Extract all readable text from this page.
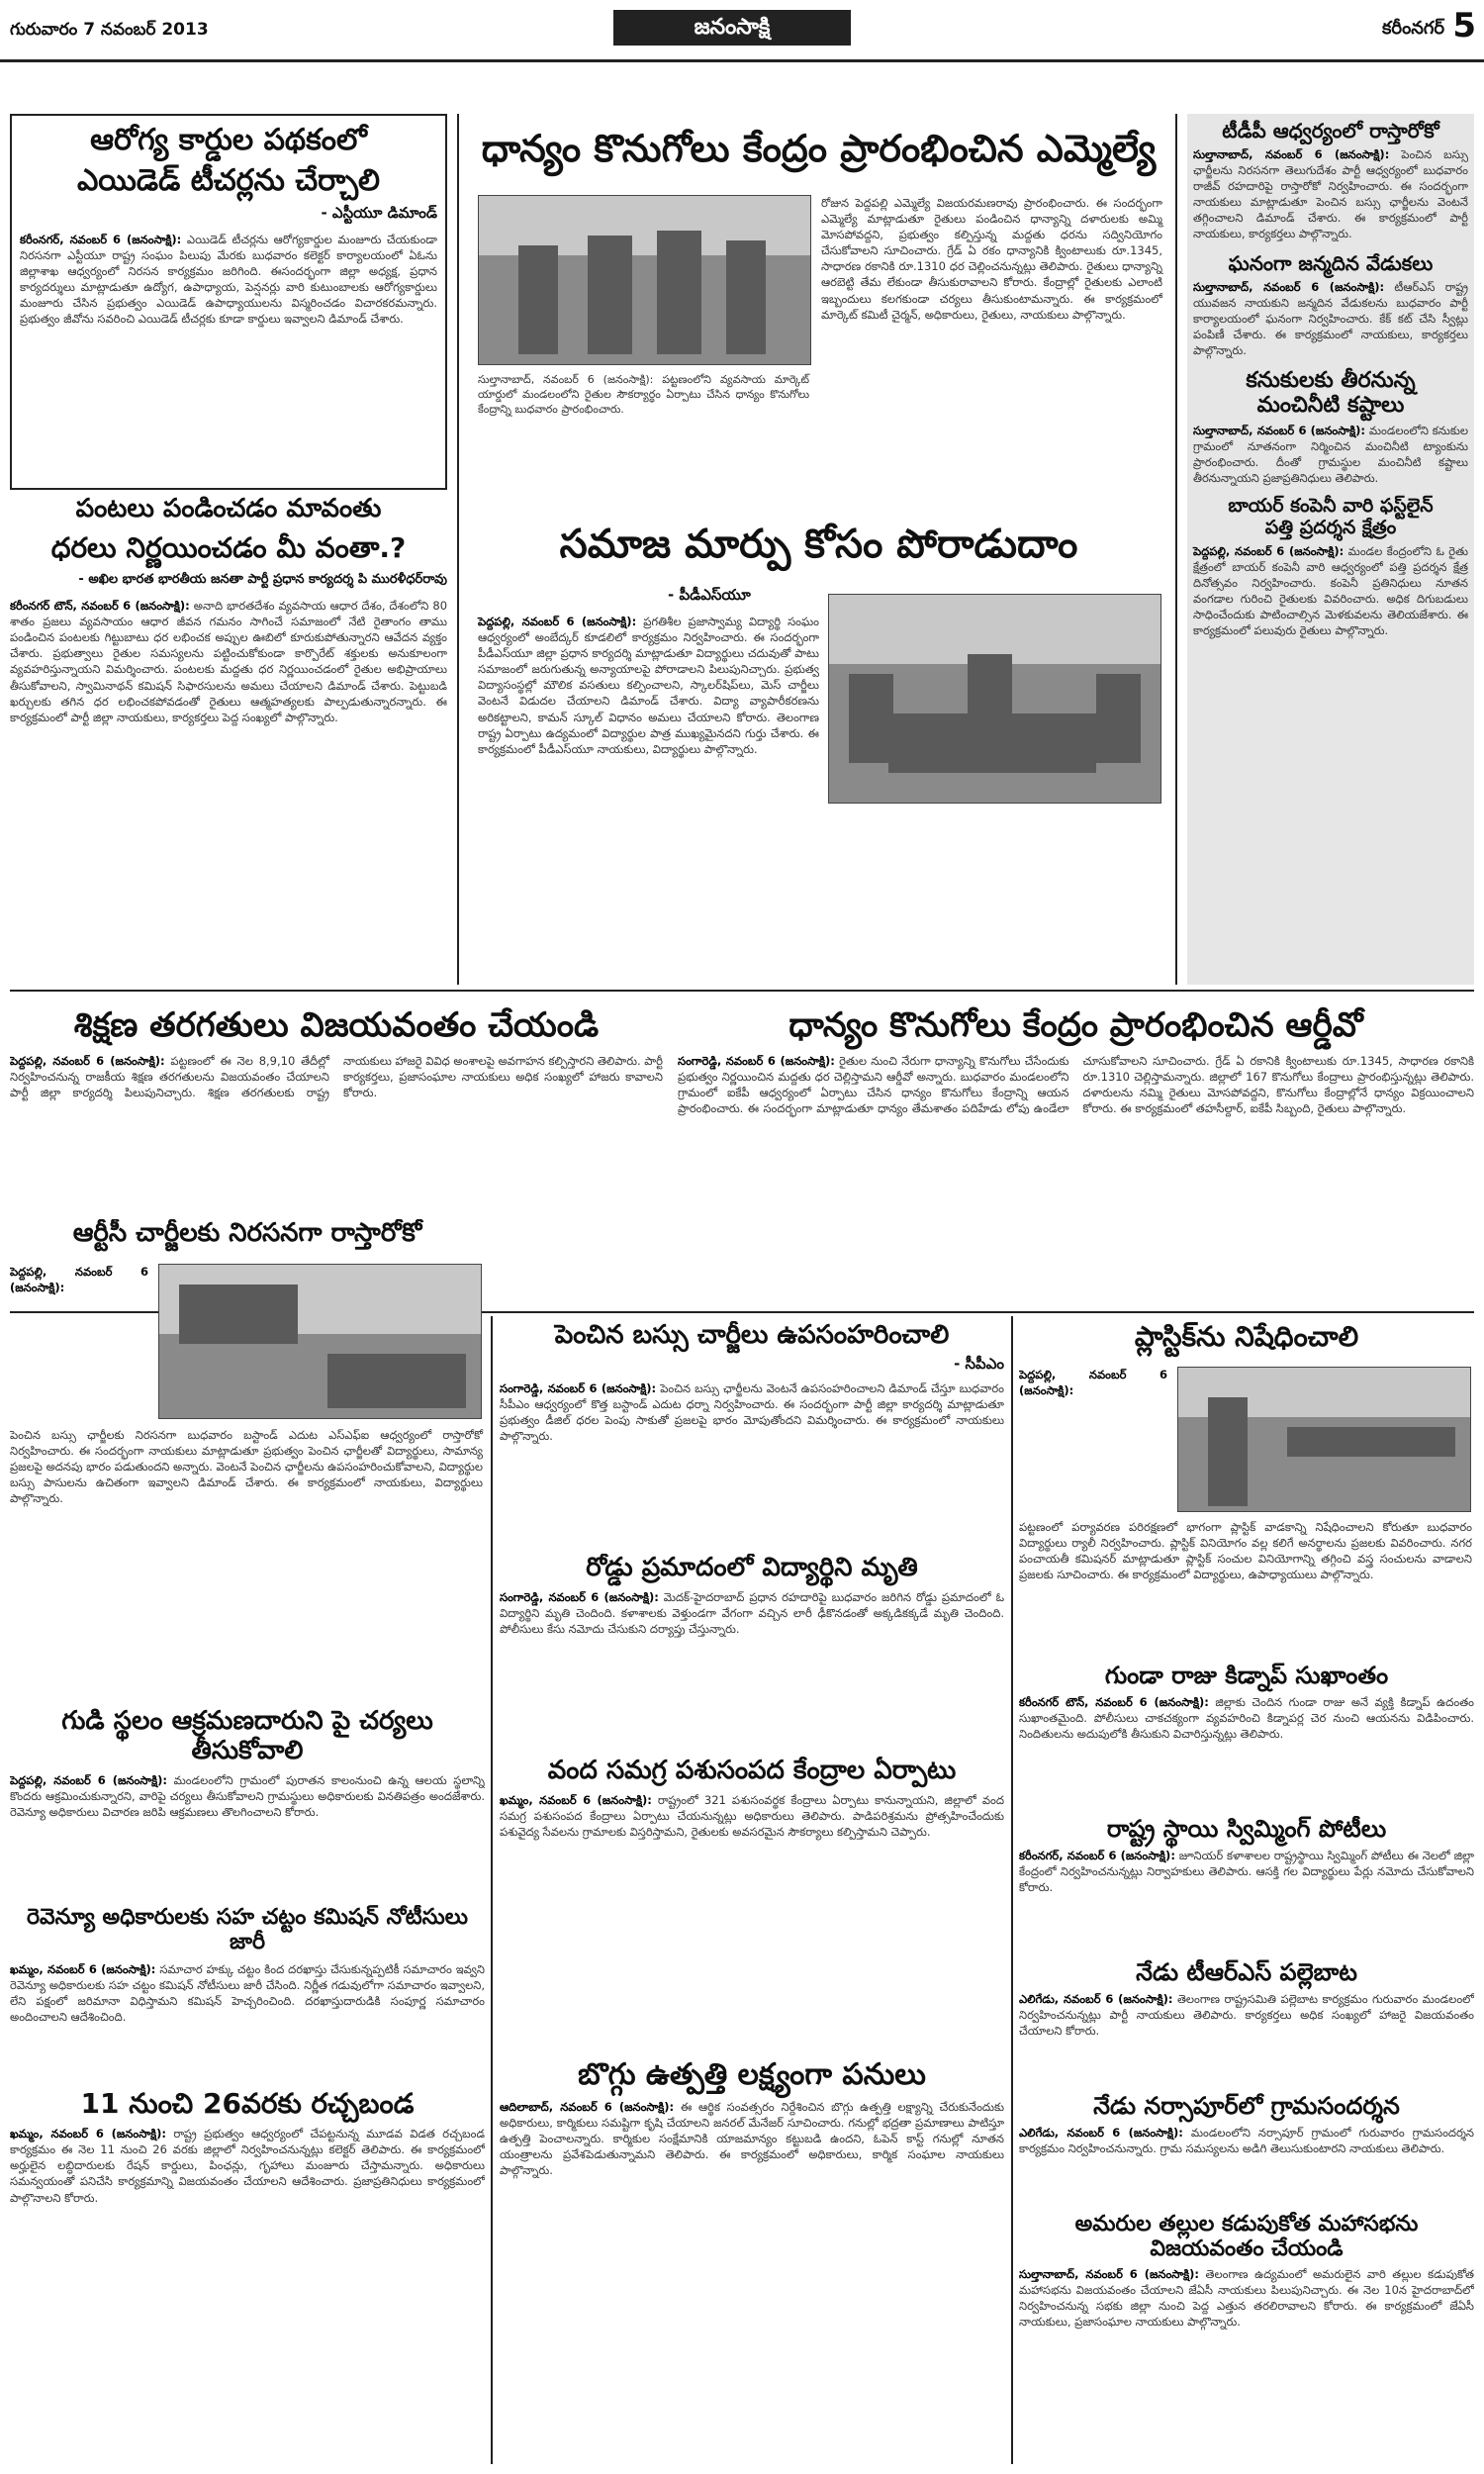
గురువారం 7 నవంబర్ 2013	జనంసాక్షి	కరీంనగర్ 5
ఆరోగ్య కార్డుల పథకంలో
ఎయిడెడ్ టీచర్లను చేర్చాలి
- ఎస్టీయూ డిమాండ్
కరీంనగర్, నవంబర్ 6 (జనంసాక్షి): ఎయిడెడ్ టీచర్లను ఆరోగ్యకార్డుల మంజూరు చేయకుండా నిరసనగా ఎస్టీయూ రాష్ట్ర సంఘం పిలుపు మేరకు బుధవారం కలెక్టర్ కార్యాలయంలో ఏఓను జిల్లాశాఖ ఆధ్వర్యంలో నిరసన కార్యక్రమం జరిగింది. ఈసందర్భంగా జిల్లా అధ్యక్ష, ప్రధాన కార్యదర్శులు మాట్లాడుతూ ఉద్యోగ, ఉపాధ్యాయ, పెన్షనర్లు వారి కుటుంబాలకు ఆరోగ్యకార్డులు మంజూరు చేసిన ప్రభుత్వం ఎయిడెడ్ ఉపాధ్యాయులను విస్మరించడం విచారకరమన్నారు. ప్రభుత్వం జీవోను సవరించి ఎయిడెడ్ టీచర్లకు కూడా కార్డులు ఇవ్వాలని డిమాండ్ చేశారు.
పంటలు పండించడం మావంతు
ధరలు నిర్ణయించడం మీ వంతా.?
- అఖిల భారత భారతీయ జనతా పార్టీ ప్రధాన కార్యదర్శ పి మురళీధర్‌రావు
కరీంనగర్ టౌన్, నవంబర్ 6 (జనంసాక్షి): అనాది భారతదేశం వ్యవసాయ ఆధార దేశం, దేశంలోని 80 శాతం ప్రజలు వ్యవసాయం ఆధార జీవన గమనం సాగించే సమాజంలో నేటి రైతాంగం తాము పండించిన పంటలకు గిట్టుబాటు ధర లభించక అప్పుల ఊబిలో కూరుకుపోతున్నారని ఆవేదన వ్యక్తం చేశారు. ప్రభుత్వాలు రైతుల సమస్యలను పట్టించుకోకుండా కార్పొరేట్ శక్తులకు అనుకూలంగా వ్యవహరిస్తున్నాయని విమర్శించారు. పంటలకు మద్దతు ధర నిర్ణయించడంలో రైతుల అభిప్రాయాలు తీసుకోవాలని, స్వామినాథన్ కమిషన్ సిఫారసులను అమలు చేయాలని డిమాండ్ చేశారు. పెట్టుబడి ఖర్చులకు తగిన ధర లభించకపోవడంతో రైతులు ఆత్మహత్యలకు పాల్పడుతున్నారన్నారు. ఈ కార్యక్రమంలో పార్టీ జిల్లా నాయకులు, కార్యకర్తలు పెద్ద సంఖ్యలో పాల్గొన్నారు.
ధాన్యం కొనుగోలు కేంద్రం ప్రారంభించిన ఎమ్మెల్యే
సుల్తానాబాద్, నవంబర్ 6 (జనంసాక్షి): పట్టణంలోని వ్యవసాయ మార్కెట్ యార్డులో మండలంలోని రైతుల సౌకర్యార్థం ఏర్పాటు చేసిన ధాన్యం కొనుగోలు కేంద్రాన్ని బుధవారం ప్రారంభించారు.
రోజున పెద్దపల్లి ఎమ్మెల్యే విజయరమణరావు ప్రారంభించారు. ఈ సందర్భంగా ఎమ్మెల్యే మాట్లాడుతూ రైతులు పండించిన ధాన్యాన్ని దళారులకు అమ్మి మోసపోవద్దని, ప్రభుత్వం కల్పిస్తున్న మద్దతు ధరను సద్వినియోగం చేసుకోవాలని సూచించారు. గ్రేడ్ ఏ రకం ధాన్యానికి క్వింటాలుకు రూ.1345, సాధారణ రకానికి రూ.1310 ధర చెల్లించనున్నట్లు తెలిపారు. రైతులు ధాన్యాన్ని ఆరబెట్టి తేమ లేకుండా తీసుకురావాలని కోరారు. కేంద్రాల్లో రైతులకు ఎలాంటి ఇబ్బందులు కలగకుండా చర్యలు తీసుకుంటామన్నారు. ఈ కార్యక్రమంలో మార్కెట్ కమిటీ చైర్మన్, అధికారులు, రైతులు, నాయకులు పాల్గొన్నారు.
సమాజ మార్పు కోసం పోరాడుదాం
- పీడీఎస్‌యూ
పెద్దపల్లి, నవంబర్ 6 (జనంసాక్షి): ప్రగతిశీల ప్రజాస్వామ్య విద్యార్థి సంఘం ఆధ్వర్యంలో అంబేద్కర్ కూడలిలో కార్యక్రమం నిర్వహించారు. ఈ సందర్భంగా పీడీఎస్‌యూ జిల్లా ప్రధాన కార్యదర్శి మాట్లాడుతూ విద్యార్థులు చదువుతో పాటు సమాజంలో జరుగుతున్న అన్యాయాలపై పోరాడాలని పిలుపునిచ్చారు. ప్రభుత్వ విద్యాసంస్థల్లో మౌలిక వసతులు కల్పించాలని, స్కాలర్‌షిప్‌లు, మెస్ చార్జీలు వెంటనే విడుదల చేయాలని డిమాండ్ చేశారు. విద్యా వ్యాపారీకరణను అరికట్టాలని, కామన్ స్కూల్ విధానం అమలు చేయాలని కోరారు. తెలంగాణ రాష్ట్ర ఏర్పాటు ఉద్యమంలో విద్యార్థుల పాత్ర ముఖ్యమైనదని గుర్తు చేశారు. ఈ కార్యక్రమంలో పీడీఎస్‌యూ నాయకులు, విద్యార్థులు పాల్గొన్నారు.
టీడీపీ ఆధ్వర్యంలో రాస్తారోకో
సుల్తానాబాద్, నవంబర్ 6 (జనంసాక్షి): పెంచిన బస్సు ఛార్జీలను నిరసనగా తెలుగుదేశం పార్టీ ఆధ్వర్యంలో బుధవారం రాజీవ్ రహదారిపై రాస్తారోకో నిర్వహించారు. ఈ సందర్భంగా నాయకులు మాట్లాడుతూ పెంచిన బస్సు ఛార్జీలను వెంటనే తగ్గించాలని డిమాండ్ చేశారు. ఈ కార్యక్రమంలో పార్టీ నాయకులు, కార్యకర్తలు పాల్గొన్నారు.
ఘనంగా జన్మదిన వేడుకలు
సుల్తానాబాద్, నవంబర్ 6 (జనంసాక్షి): టీఆర్‌ఎస్ రాష్ట్ర యువజన నాయకుని జన్మదిన వేడుకలను బుధవారం పార్టీ కార్యాలయంలో ఘనంగా నిర్వహించారు. కేక్ కట్ చేసి స్వీట్లు పంపిణీ చేశారు. ఈ కార్యక్రమంలో నాయకులు, కార్యకర్తలు పాల్గొన్నారు.
కనుకులకు తీరనున్న
మంచినీటి కష్టాలు
సుల్తానాబాద్, నవంబర్ 6 (జనంసాక్షి): మండలంలోని కనుకుల గ్రామంలో నూతనంగా నిర్మించిన మంచినీటి ట్యాంకును ప్రారంభించారు. దీంతో గ్రామస్థుల మంచినీటి కష్టాలు తీరనున్నాయని ప్రజాప్రతినిధులు తెలిపారు.
బాయర్ కంపెనీ వారి ఫస్ట్‌లైన్
పత్తి ప్రదర్శన క్షేత్రం
పెద్దపల్లి, నవంబర్ 6 (జనంసాక్షి): మండల కేంద్రంలోని ఓ రైతు క్షేత్రంలో బాయర్ కంపెనీ వారి ఆధ్వర్యంలో పత్తి ప్రదర్శన క్షేత్ర దినోత్సవం నిర్వహించారు. కంపెనీ ప్రతినిధులు నూతన వంగడాల గురించి రైతులకు వివరించారు. అధిక దిగుబడులు సాధించేందుకు పాటించాల్సిన మెళకువలను తెలియజేశారు. ఈ కార్యక్రమంలో పలువురు రైతులు పాల్గొన్నారు.
శిక్షణ తరగతులు విజయవంతం చేయండి
పెద్దపల్లి, నవంబర్ 6 (జనంసాక్షి): పట్టణంలో ఈ నెల 8,9,10 తేదీల్లో నిర్వహించనున్న రాజకీయ శిక్షణ తరగతులను విజయవంతం చేయాలని పార్టీ జిల్లా కార్యదర్శి పిలుపునిచ్చారు. శిక్షణ తరగతులకు రాష్ట్ర నాయకులు హాజరై వివిధ అంశాలపై అవగాహన కల్పిస్తారని తెలిపారు. పార్టీ కార్యకర్తలు, ప్రజాసంఘాల నాయకులు అధిక సంఖ్యలో హాజరు కావాలని కోరారు.
ధాన్యం కొనుగోలు కేంద్రం ప్రారంభించిన ఆర్డీవో
సంగారెడ్డి, నవంబర్ 6 (జనంసాక్షి): రైతుల నుంచి నేరుగా ధాన్యాన్ని కొనుగోలు చేసేందుకు ప్రభుత్వం నిర్ణయించిన మద్దతు ధర చెల్లిస్తామని ఆర్డీవో అన్నారు. బుధవారం మండలంలోని గ్రామంలో ఐకేపీ ఆధ్వర్యంలో ఏర్పాటు చేసిన ధాన్యం కొనుగోలు కేంద్రాన్ని ఆయన ప్రారంభించారు. ఈ సందర్భంగా మాట్లాడుతూ ధాన్యం తేమశాతం పదిహేడు లోపు ఉండేలా చూసుకోవాలని సూచించారు. గ్రేడ్ ఏ రకానికి క్వింటాలుకు రూ.1345, సాధారణ రకానికి రూ.1310 చెల్లిస్తామన్నారు. జిల్లాలో 167 కొనుగోలు కేంద్రాలు ప్రారంభిస్తున్నట్లు తెలిపారు. దళారులను నమ్మి రైతులు మోసపోవద్దని, కొనుగోలు కేంద్రాల్లోనే ధాన్యం విక్రయించాలని కోరారు. ఈ కార్యక్రమంలో తహసీల్దార్, ఐకేపీ సిబ్బంది, రైతులు పాల్గొన్నారు.
ఆర్టీసీ చార్జీలకు నిరసనగా రాస్తారోకో
పెద్దపల్లి, నవంబర్ 6 (జనంసాక్షి):
పెంచిన బస్సు ఛార్జీలకు నిరసనగా బుధవారం బస్టాండ్ ఎదుట ఎస్ఎఫ్‌ఐ ఆధ్వర్యంలో రాస్తారోకో నిర్వహించారు. ఈ సందర్భంగా నాయకులు మాట్లాడుతూ ప్రభుత్వం పెంచిన ఛార్జీలతో విద్యార్థులు, సామాన్య ప్రజలపై అదనపు భారం పడుతుందని అన్నారు. వెంటనే పెంచిన ఛార్జీలను ఉపసంహరించుకోవాలని, విద్యార్థుల బస్సు పాసులను ఉచితంగా ఇవ్వాలని డిమాండ్ చేశారు. ఈ కార్యక్రమంలో నాయకులు, విద్యార్థులు పాల్గొన్నారు.
గుడి స్థలం ఆక్రమణదారుని పై చర్యలు తీసుకోవాలి
పెద్దపల్లి, నవంబర్ 6 (జనంసాక్షి): మండలంలోని గ్రామంలో పురాతన కాలంనుంచి ఉన్న ఆలయ స్థలాన్ని కొందరు ఆక్రమించుకున్నారని, వారిపై చర్యలు తీసుకోవాలని గ్రామస్థులు అధికారులకు వినతిపత్రం అందజేశారు. రెవెన్యూ అధికారులు విచారణ జరిపి ఆక్రమణలు తొలగించాలని కోరారు.
రెవెన్యూ అధికారులకు సహ చట్టం కమిషన్ నోటీసులు జారీ
ఖమ్మం, నవంబర్ 6 (జనంసాక్షి): సమాచార హక్కు చట్టం కింద దరఖాస్తు చేసుకున్నప్పటికీ సమాచారం ఇవ్వని రెవెన్యూ అధికారులకు సహ చట్టం కమిషన్ నోటీసులు జారీ చేసింది. నిర్ణీత గడువులోగా సమాచారం ఇవ్వాలని, లేని పక్షంలో జరిమానా విధిస్తామని కమిషన్ హెచ్చరించింది. దరఖాస్తుదారుడికి సంపూర్ణ సమాచారం అందించాలని ఆదేశించింది.
11 నుంచి 26వరకు రచ్చబండ
ఖమ్మం, నవంబర్ 6 (జనంసాక్షి): రాష్ట్ర ప్రభుత్వం ఆధ్వర్యంలో చేపట్టనున్న మూడవ విడత రచ్చబండ కార్యక్రమం ఈ నెల 11 నుంచి 26 వరకు జిల్లాలో నిర్వహించనున్నట్లు కలెక్టర్ తెలిపారు. ఈ కార్యక్రమంలో అర్హులైన లబ్ధిదారులకు రేషన్ కార్డులు, పింఛన్లు, గృహాలు మంజూరు చేస్తామన్నారు. అధికారులు సమన్వయంతో పనిచేసి కార్యక్రమాన్ని విజయవంతం చేయాలని ఆదేశించారు. ప్రజాప్రతినిధులు కార్యక్రమంలో పాల్గొనాలని కోరారు.
పెంచిన బస్సు చార్జీలు ఉపసంహరించాలి
- సీపీఎం
సంగారెడ్డి, నవంబర్ 6 (జనంసాక్షి): పెంచిన బస్సు ఛార్జీలను వెంటనే ఉపసంహరించాలని డిమాండ్ చేస్తూ బుధవారం సీపీఎం ఆధ్వర్యంలో కొత్త బస్టాండ్ ఎదుట ధర్నా నిర్వహించారు. ఈ సందర్భంగా పార్టీ జిల్లా కార్యదర్శి మాట్లాడుతూ ప్రభుత్వం డీజిల్ ధరల పెంపు సాకుతో ప్రజలపై భారం మోపుతోందని విమర్శించారు. ఈ కార్యక్రమంలో నాయకులు పాల్గొన్నారు.
రోడ్డు ప్రమాదంలో విద్యార్థిని మృతి
సంగారెడ్డి, నవంబర్ 6 (జనంసాక్షి): మెదక్-హైదరాబాద్ ప్రధాన రహదారిపై బుధవారం జరిగిన రోడ్డు ప్రమాదంలో ఓ విద్యార్థిని మృతి చెందింది. కళాశాలకు వెళ్తుండగా వేగంగా వచ్చిన లారీ ఢీకొనడంతో అక్కడికక్కడే మృతి చెందింది. పోలీసులు కేసు నమోదు చేసుకుని దర్యాప్తు చేస్తున్నారు.
వంద సమగ్ర పశుసంపద కేంద్రాల ఏర్పాటు
ఖమ్మం, నవంబర్ 6 (జనంసాక్షి): రాష్ట్రంలో 321 పశుసంవర్థక కేంద్రాలు ఏర్పాటు కానున్నాయని, జిల్లాలో వంద సమగ్ర పశుసంపద కేంద్రాలు ఏర్పాటు చేయనున్నట్లు అధికారులు తెలిపారు. పాడిపరిశ్రమను ప్రోత్సహించేందుకు పశువైద్య సేవలను గ్రామాలకు విస్తరిస్తామని, రైతులకు అవసరమైన సౌకర్యాలు కల్పిస్తామని చెప్పారు.
బొగ్గు ఉత్పత్తి లక్ష్యంగా పనులు
ఆదిలాబాద్, నవంబర్ 6 (జనంసాక్షి): ఈ ఆర్థిక సంవత్సరం నిర్దేశించిన బొగ్గు ఉత్పత్తి లక్ష్యాన్ని చేరుకునేందుకు అధికారులు, కార్మికులు సమష్టిగా కృషి చేయాలని జనరల్ మేనేజర్ సూచించారు. గనుల్లో భద్రతా ప్రమాణాలు పాటిస్తూ ఉత్పత్తి పెంచాలన్నారు. కార్మికుల సంక్షేమానికి యాజమాన్యం కట్టుబడి ఉందని, ఓపెన్ కాస్ట్ గనుల్లో నూతన యంత్రాలను ప్రవేశపెడుతున్నామని తెలిపారు. ఈ కార్యక్రమంలో అధికారులు, కార్మిక సంఘాల నాయకులు పాల్గొన్నారు.
ప్లాస్టిక్‌ను నిషేధించాలి
పెద్దపల్లి, నవంబర్ 6 (జనంసాక్షి):
పట్టణంలో పర్యావరణ పరిరక్షణలో భాగంగా ప్లాస్టిక్ వాడకాన్ని నిషేధించాలని కోరుతూ బుధవారం విద్యార్థులు ర్యాలీ నిర్వహించారు. ప్లాస్టిక్ వినియోగం వల్ల కలిగే అనర్థాలను ప్రజలకు వివరించారు. నగర పంచాయతీ కమిషనర్ మాట్లాడుతూ ప్లాస్టిక్ సంచుల వినియోగాన్ని తగ్గించి వస్త్ర సంచులను వాడాలని ప్రజలకు సూచించారు. ఈ కార్యక్రమంలో విద్యార్థులు, ఉపాధ్యాయులు పాల్గొన్నారు.
గుండా రాజు కిడ్నాప్ సుఖాంతం
కరీంనగర్ టౌన్, నవంబర్ 6 (జనంసాక్షి): జిల్లాకు చెందిన గుండా రాజు అనే వ్యక్తి కిడ్నాప్ ఉదంతం సుఖాంతమైంది. పోలీసులు చాకచక్యంగా వ్యవహరించి కిడ్నాపర్ల చెర నుంచి ఆయనను విడిపించారు. నిందితులను అదుపులోకి తీసుకుని విచారిస్తున్నట్లు తెలిపారు.
రాష్ట్ర స్థాయి స్విమ్మింగ్ పోటీలు
కరీంనగర్, నవంబర్ 6 (జనంసాక్షి): జూనియర్ కళాశాలల రాష్ట్రస్థాయి స్విమ్మింగ్ పోటీలు ఈ నెలలో జిల్లా కేంద్రంలో నిర్వహించనున్నట్లు నిర్వాహకులు తెలిపారు. ఆసక్తి గల విద్యార్థులు పేర్లు నమోదు చేసుకోవాలని కోరారు.
నేడు టీఆర్ఎస్ పల్లెబాట
ఎలిగేడు, నవంబర్ 6 (జనంసాక్షి): తెలంగాణ రాష్ట్రసమితి పల్లెబాట కార్యక్రమం గురువారం మండలంలో నిర్వహించనున్నట్లు పార్టీ నాయకులు తెలిపారు. కార్యకర్తలు అధిక సంఖ్యలో హాజరై విజయవంతం చేయాలని కోరారు.
నేడు నర్సాపూర్‌లో గ్రామసందర్శన
ఎలిగేడు, నవంబర్ 6 (జనంసాక్షి): మండలంలోని నర్సాపూర్ గ్రామంలో గురువారం గ్రామసందర్శన కార్యక్రమం నిర్వహించనున్నారు. గ్రామ సమస్యలను అడిగి తెలుసుకుంటారని నాయకులు తెలిపారు.
అమరుల తల్లుల కడుపుకోత మహాసభను
విజయవంతం చేయండి
సుల్తానాబాద్, నవంబర్ 6 (జనంసాక్షి): తెలంగాణ ఉద్యమంలో అమరులైన వారి తల్లుల కడుపుకోత మహాసభను విజయవంతం చేయాలని జేఏసీ నాయకులు పిలుపునిచ్చారు. ఈ నెల 10న హైదరాబాద్‌లో నిర్వహించనున్న సభకు జిల్లా నుంచి పెద్ద ఎత్తున తరలిరావాలని కోరారు. ఈ కార్యక్రమంలో జేఏసీ నాయకులు, ప్రజాసంఘాల నాయకులు పాల్గొన్నారు.
